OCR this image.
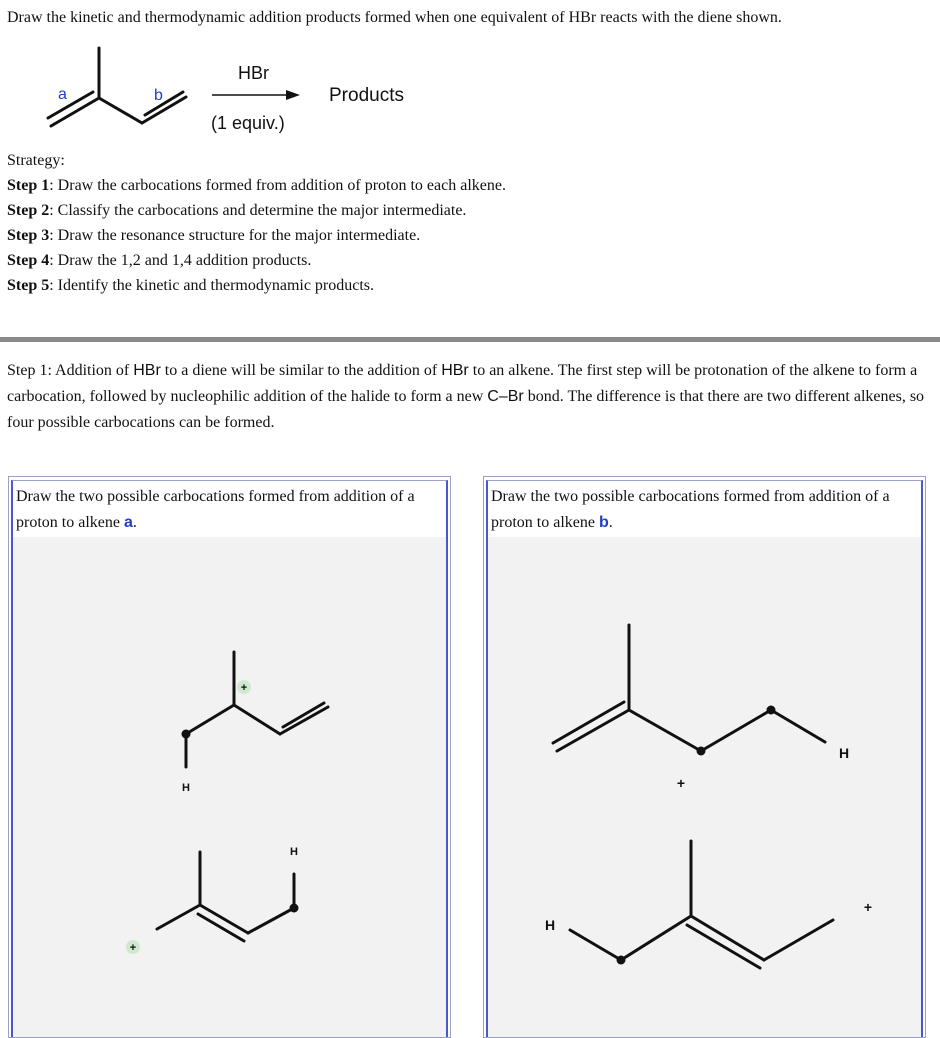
Draw the kinetic and thermodynamic addition products formed when one equivalent of HBr reacts with the diene shown.
a	b
HBr
(1 equiv.)
Products
Strategy:
Step 1: Draw the carbocations formed from addition of proton to each alkene.
Step 2: Classify the carbocations and determine the major intermediate.
Step 3: Draw the resonance structure for the major intermediate.
Step 4: Draw the 1,2 and 1,4 addition products.
Step 5: Identify the kinetic and thermodynamic products.
Step 1: Addition of HBr to a diene will be similar to the addition of HBr to an alkene. The first step will be protonation of the alkene to form a carbocation, followed by nucleophilic addition of the halide to form a new C–Br bond. The difference is that there are two different alkenes, so four possible carbocations can be formed.
Draw the two possible carbocations formed from addition of a proton to alkene a.
+
H
+
H
Draw the two possible carbocations formed from addition of a proton to alkene b.
H
+
H
+
